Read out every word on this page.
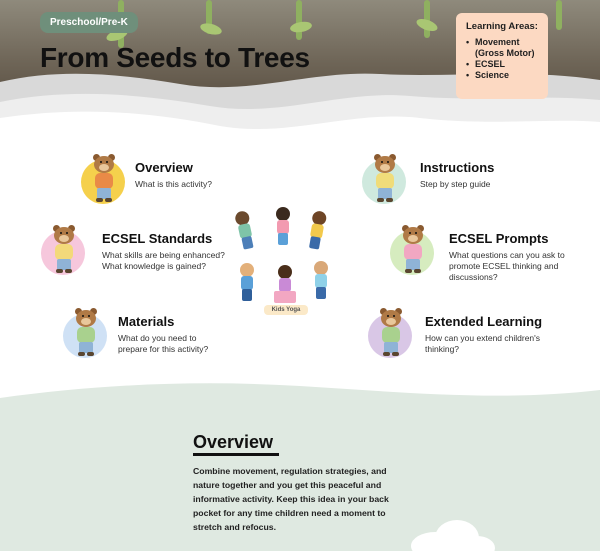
Preschool/Pre-K
From Seeds to Trees
Learning Areas:
• Movement (Gross Motor)
• ECSEL
• Science
Overview
What is this activity?
Instructions
Step by step guide
ECSEL Standards
What skills are being enhanced? What knowledge is gained?
ECSEL Prompts
What questions can you ask to promote ECSEL thinking and discussions?
Materials
What do you need to prepare for this activity?
Extended Learning
How can you extend children's thinking?
Kids Yoga
Overview

Combine movement, regulation strategies, and nature together and you get this peaceful and informative activity. Keep this idea in your back pocket for any time children need a moment to stretch and refocus.
